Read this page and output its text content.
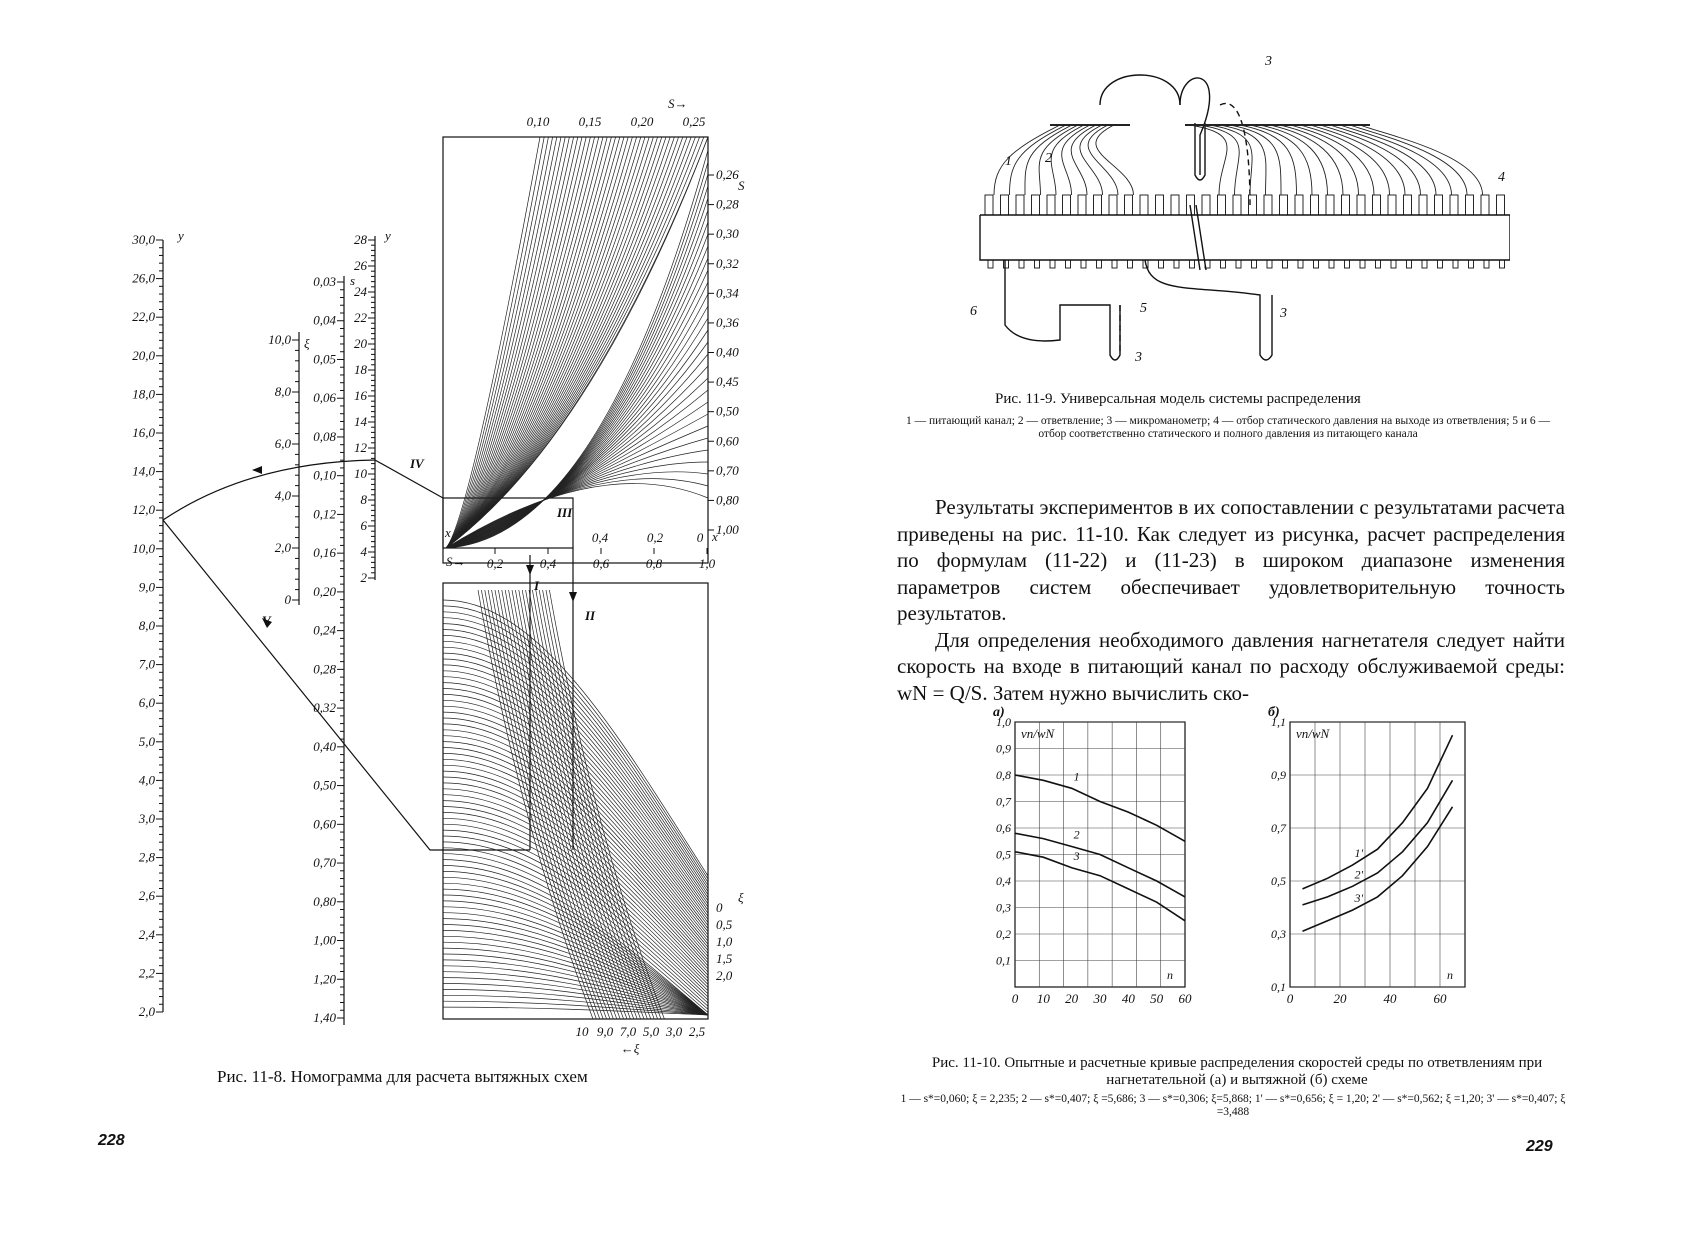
30,0
26,0
22,0
20,0
18,0
16,0
14,0
12,0
10,0
9,0
8,0
7,0
6,0
5,0
4,0
3,0
2,8
2,6
2,4
2,2
2,0
10,0
8,0
6,0
4,0
2,0
0
0,03
0,04
0,05
0,06
0,08
0,10
0,12
0,16
0,20
0,24
0,28
0,32
0,40
0,50
0,60
0,70
0,80
1,00
1,20
1,40
28
26
24
22
20
18
16
14
12
10
8
6
4
2
y
ξ
s
y
0,10 0,15 0,20 0,25
S→
0,26
0,28
0,30
0,32
0,34
0,36
0,40
0,45
0,50
0,60
0,70
0,80
1,00
S
0,4	0,2	0
x	x
S→ 0,2	0,4	0,6	0,8	1,0
10 9,0 7,0 5,0 3,0 2,5
←ξ
0
0,5
1,0
1,5
2,0
ξ
I
II
III
IV
V
Рис. 11-8. Номограмма для расчета вытяжных схем
228
1 2
3
4
5
6	3
3
Рис. 11-9. Универсальная модель системы распределения
1 — питающий канал; 2 — ответвление; 3 — микроманометр; 4 — отбор статического давления на выходе из ответвления; 5 и 6 — отбор соответственно статического и полного давления из питающего канала

Результаты экспериментов в их сопоставлении с результатами расчета приведены на рис. 11-10. Как следует из рисунка, расчет распределения по формулам (11-22) и (11-23) в широком диапазоне изменения параметров систем обеспечивает удовлетворительную точность результатов.

Для определения необходимого давления нагнетателя следует найти скорость на входе в питающий канал по расходу обслуживаемой среды: wN = Q/S. Затем нужно вычислить ско-

0,1
0,2
0,3
0,4
0,5
0,6
0,7
0,8
0,9
1,0
0 10 20 30 40 50 60
n
vn/wN
а)
1
2
3
0,1
0,3
0,5
0,7
0,9
1,1
0	20	40	60
n
vn/wN
б)
1'
2'
3'
Рис. 11-10. Опытные и расчетные кривые распределения скоростей среды по ответвлениям при нагнетательной (а) и вытяжной (б) схеме
1 — s*=0,060; ξ = 2,235; 2 — s*=0,407; ξ =5,686; 3 — s*=0,306; ξ=5,868; 1' — s*=0,656; ξ = 1,20; 2' — s*=0,562; ξ =1,20; 3' — s*=0,407; ξ =3,488
229
